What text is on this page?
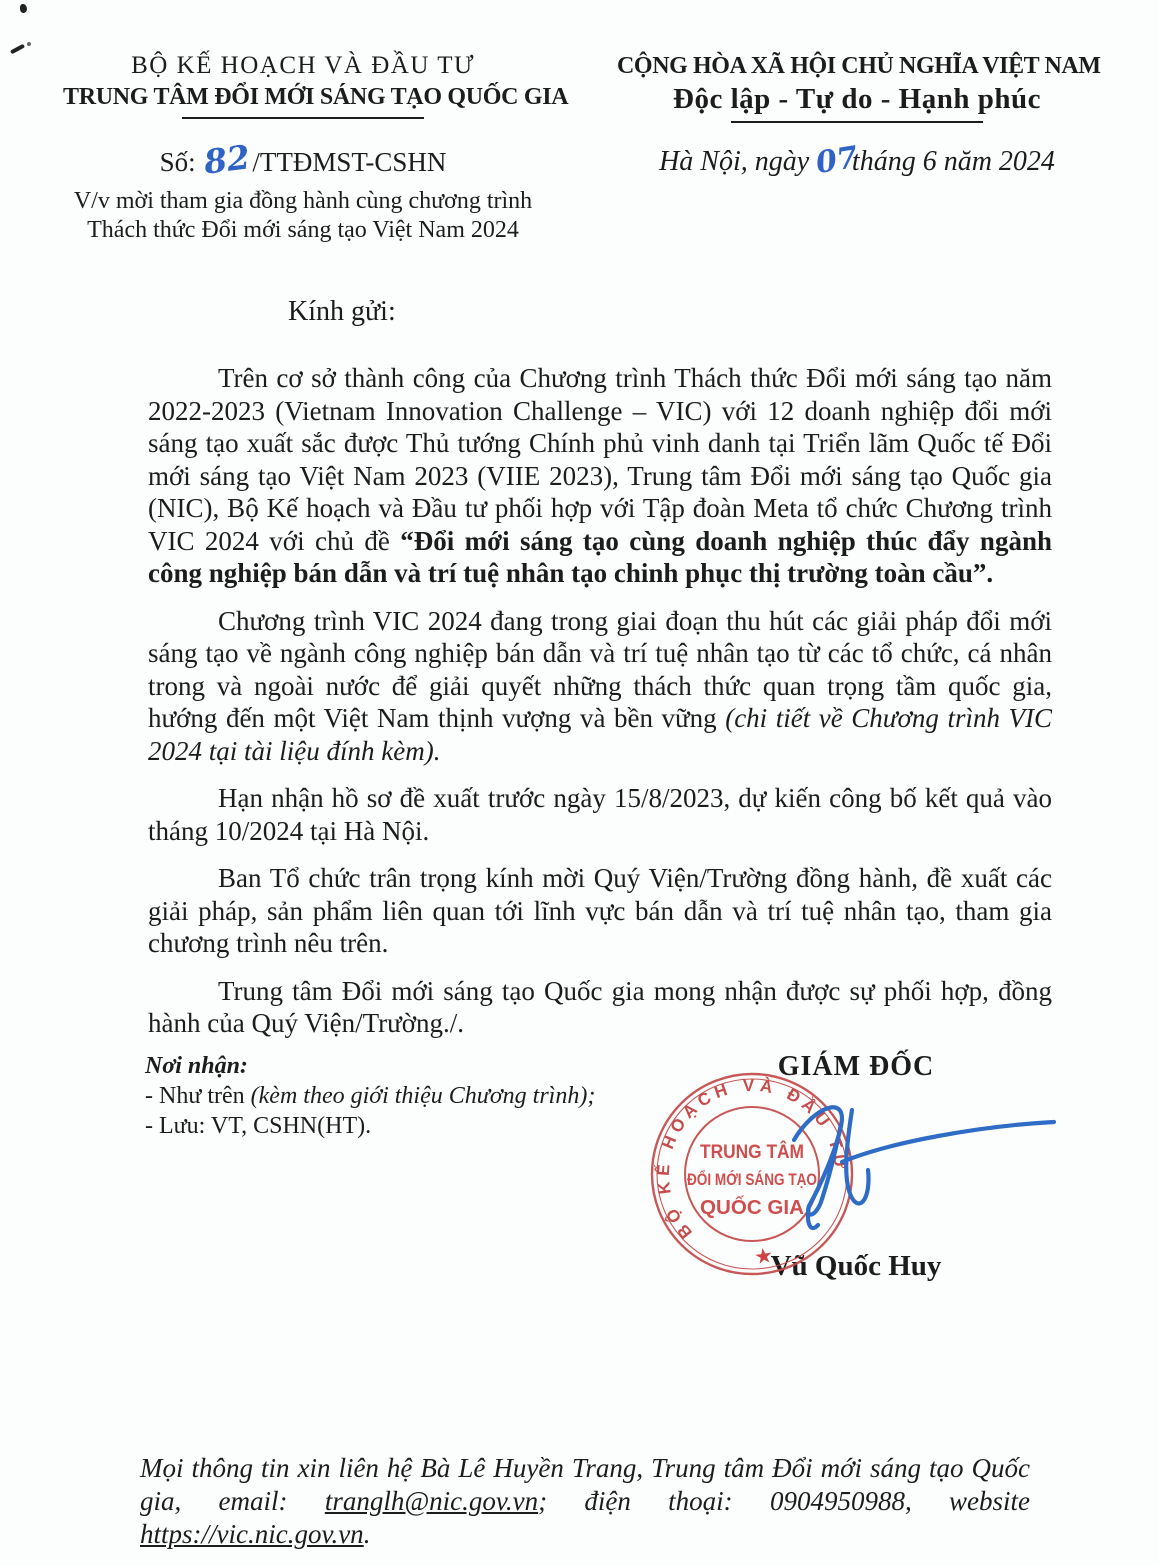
BỘ KẾ HOẠCH VÀ ĐẦU TƯ
TRUNG TÂM ĐỔI MỚI SÁNG TẠO QUỐC GIA
Số: 82/TTĐMST-CSHN
V/v mời tham gia đồng hành cùng chương trình
Thách thức Đổi mới sáng tạo Việt Nam 2024
CỘNG HÒA XÃ HỘI CHỦ NGHĨA VIỆT NAM
Độc lập - Tự do - Hạnh phúc
Hà Nội, ngày 07tháng 6 năm 2024
Kính gửi:

Trên cơ sở thành công của Chương trình Thách thức Đổi mới sáng tạo năm 2022-2023 (Vietnam Innovation Challenge – VIC) với 12 doanh nghiệp đổi mới sáng tạo xuất sắc được Thủ tướng Chính phủ vinh danh tại Triển lãm Quốc tế Đổi mới sáng tạo Việt Nam 2023 (VIIE 2023), Trung tâm Đổi mới sáng tạo Quốc gia (NIC), Bộ Kế hoạch và Đầu tư phối hợp với Tập đoàn Meta tổ chức Chương trình VIC 2024 với chủ đề “Đổi mới sáng tạo cùng doanh nghiệp thúc đẩy ngành công nghiệp bán dẫn và trí tuệ nhân tạo chinh phục thị trường toàn cầu”.

Chương trình VIC 2024 đang trong giai đoạn thu hút các giải pháp đổi mới sáng tạo về ngành công nghiệp bán dẫn và trí tuệ nhân tạo từ các tổ chức, cá nhân trong và ngoài nước để giải quyết những thách thức quan trọng tầm quốc gia, hướng đến một Việt Nam thịnh vượng và bền vững (chi tiết về Chương trình VIC 2024 tại tài liệu đính kèm).

Hạn nhận hồ sơ đề xuất trước ngày 15/8/2023, dự kiến công bố kết quả vào tháng 10/2024 tại Hà Nội.

Ban Tổ chức trân trọng kính mời Quý Viện/Trường đồng hành, đề xuất các giải pháp, sản phẩm liên quan tới lĩnh vực bán dẫn và trí tuệ nhân tạo, tham gia chương trình nêu trên.

Trung tâm Đổi mới sáng tạo Quốc gia mong nhận được sự phối hợp, đồng hành của Quý Viện/Trường./.

Nơi nhận:
- Như trên (kèm theo giới thiệu Chương trình);
- Lưu: VT, CSHN(HT).
GIÁM ĐỐC
Vũ Quốc Huy
BỘ KẾ HOẠCH VÀ ĐẦU TƯ
★
TRUNG TÂM
ĐỔI MỚI SÁNG TẠO
QUỐC GIA
Mọi thông tin xin liên hệ Bà Lê Huyền Trang, Trung tâm Đổi mới sáng tạo Quốc gia, email: tranglh@nic.gov.vn; điện thoại: 0904950988, website https://vic.nic.gov.vn.
